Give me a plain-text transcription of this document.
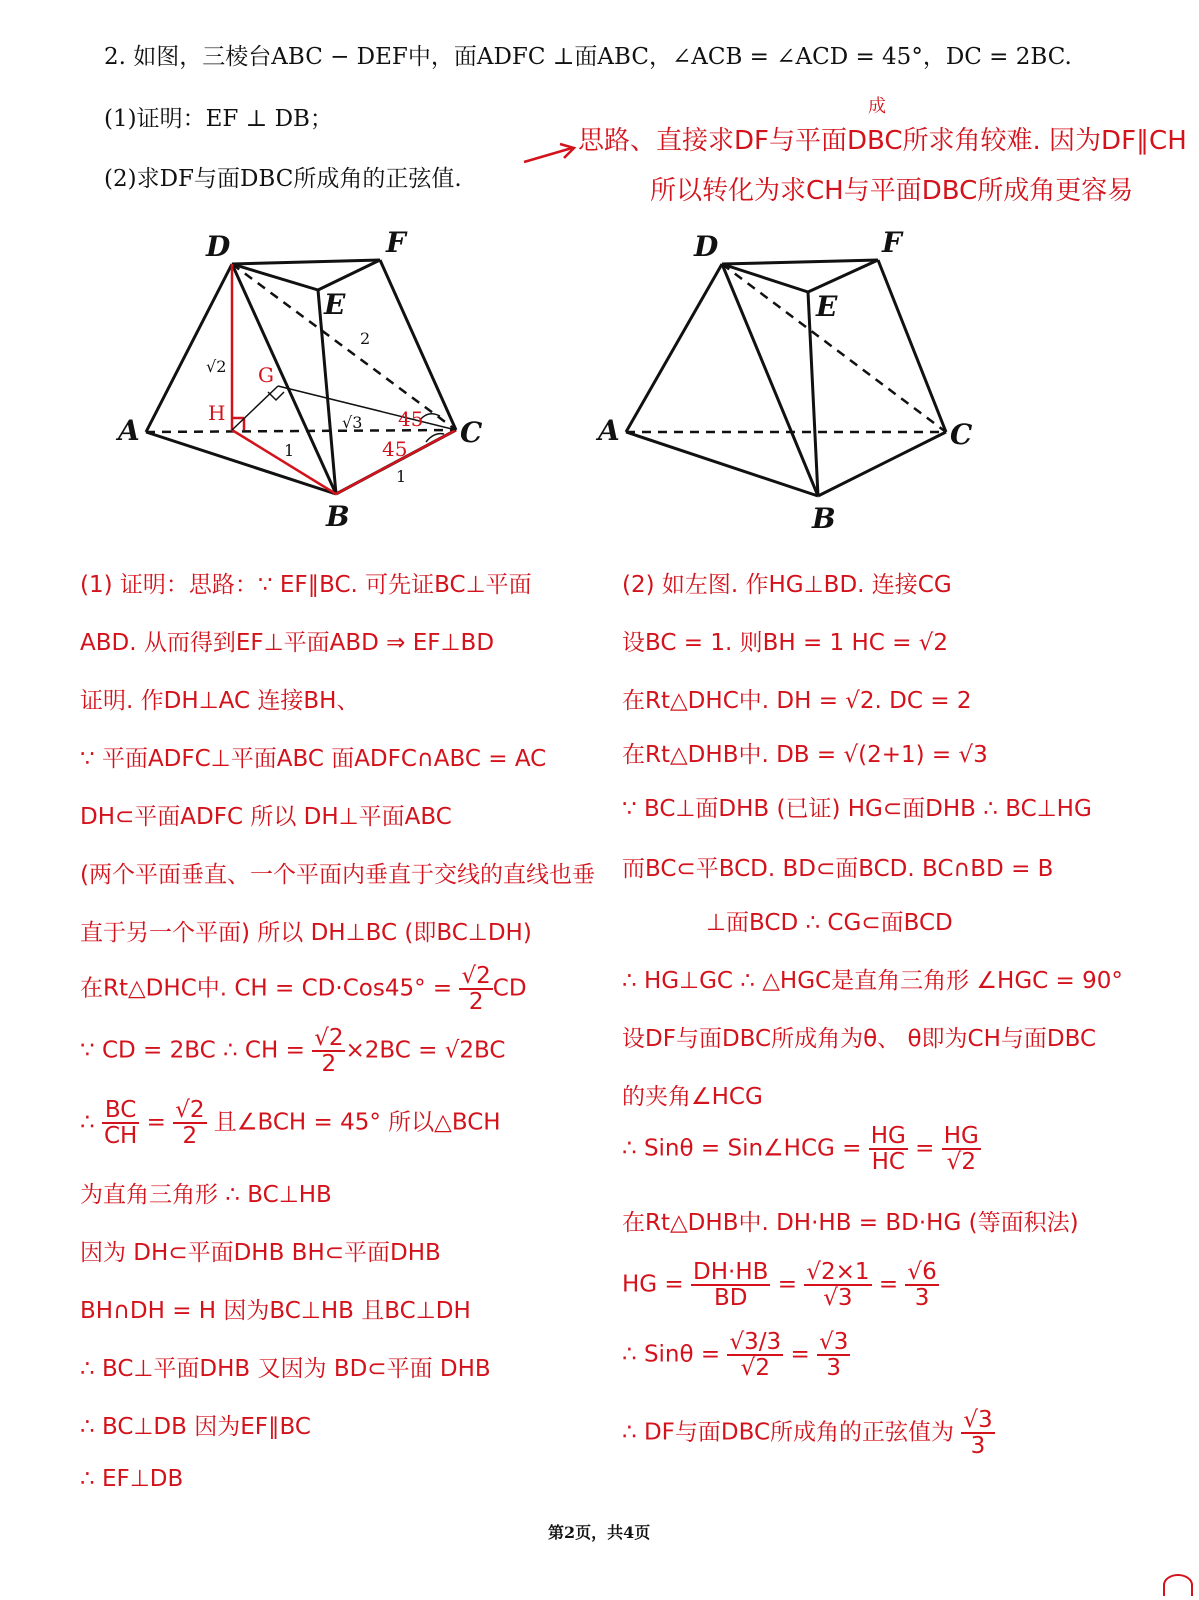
2. 如图，三棱台ABC − DEF中，面ADFC ⊥面ABC，∠ACB = ∠ACD = 45°，DC = 2BC.
(1)证明：EF ⊥ DB；
(2)求DF与面DBC所成角的正弦值.
成
思路、直接求DF与平面DBC所求角较难. 因为DF∥CH
所以转化为求CH与平面DBC所成角更容易
D	F
E
A	C
B
H
G
45
45
2
√2
√3
1
1
D	F
E
A	C
B
(1) 证明：思路：∵ EF∥BC. 可先证BC⊥平面
ABD. 从而得到EF⊥平面ABD ⇒ EF⊥BD
证明. 作DH⊥AC 连接BH、
∵ 平面ADFC⊥平面ABC 面ADFC∩ABC = AC
DH⊂平面ADFC 所以 DH⊥平面ABC
(两个平面垂直、一个平面内垂直于交线的直线也垂
直于另一个平面) 所以 DH⊥BC (即BC⊥DH)
在Rt△DHC中. CH = $CD\cdot Cos45^\circ = \frac{√2}{2}$ CD
∵ CD = 2BC ∴ CH = $\frac{√2}{2} \times 2BC = √2BC$
∴ $\frac{BC}{CH} = \frac{√2}{2}$ 且∠BCH = 45° 所以△BCH
为直角三角形 ∴ BC⊥HB
因为 DH⊂平面DHB BH⊂平面DHB
BH∩DH = H 因为BC⊥HB 且BC⊥DH
∴ BC⊥平面DHB 又因为 BD⊂平面 DHB
∴ BC⊥DB 因为EF∥BC
∴ EF⊥DB
(2) 如左图. 作HG⊥BD. 连接CG
设BC = 1. 则BH = 1 HC = √2
在Rt△DHC中. DH = √2. DC = 2
在Rt△DHB中. DB = √(2+1) = √3
∵ BC⊥面DHB (已证) HG⊂面DHB ∴ BC⊥HG
而BC⊂平BCD. BD⊂面BCD. BC∩BD = B
⊥面BCD ∴ CG⊂面BCD
∴ HG⊥GC ∴ △HGC是直角三角形 ∠HGC = 90°
设DF与面DBC所成角为θ、 θ即为CH与面DBC
的夹角∠HCG
∴ Sinθ = Sin∠HCG = $\frac{HG}{HC} = \frac{HG}{√2}$
在Rt△DHB中. DH·HB = BD·HG (等面积法)
HG = $\frac{DH\cdot HB}{BD} = \frac{√2\times 1}{√3} = \frac{√6}{3}$
∴ $Sin\theta = \frac{√3/3}{√2} = \frac{√3}{3}$
∴ DF与面DBC所成角的正弦值为 $\frac{√3}{3}$
第2页，共4页
